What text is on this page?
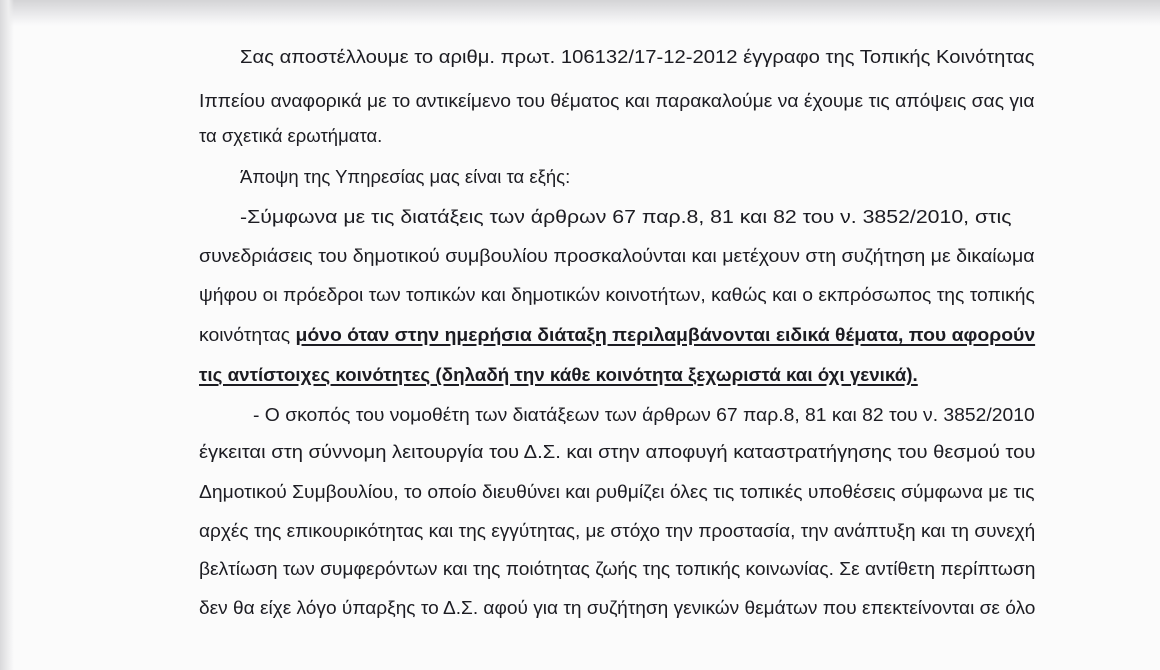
Σας αποστέλλουμε το αριθμ. πρωτ. 106132/17-12-2012 έγγραφο της Τοπικής Κοινότητας
Ιππείου αναφορικά με το αντικείμενο του θέματος και παρακαλούμε να έχουμε τις απόψεις σας για
τα σχετικά ερωτήματα.
Άποψη της Υπηρεσίας μας είναι τα εξής:
-Σύμφωνα με τις διατάξεις των άρθρων 67 παρ.8, 81 και 82 του ν. 3852/2010, στις
συνεδριάσεις του δημοτικού συμβουλίου προσκαλούνται και μετέχουν στη συζήτηση με δικαίωμα
ψήφου οι πρόεδροι των τοπικών και δημοτικών κοινοτήτων, καθώς και ο εκπρόσωπος της τοπικής
κοινότητας μόνο όταν στην ημερήσια διάταξη περιλαμβάνονται ειδικά θέματα, που αφορούν
τις αντίστοιχες κοινότητες (δηλαδή την κάθε κοινότητα ξεχωριστά και όχι γενικά).
- Ο σκοπός του νομοθέτη των διατάξεων των άρθρων 67 παρ.8, 81 και 82 του ν. 3852/2010
έγκειται στη σύννομη λειτουργία του Δ.Σ. και στην αποφυγή καταστρατήγησης του θεσμού του
Δημοτικού Συμβουλίου, το οποίο διευθύνει και ρυθμίζει όλες τις τοπικές υποθέσεις σύμφωνα με τις
αρχές της επικουρικότητας και της εγγύτητας, με στόχο την προστασία, την ανάπτυξη και τη συνεχή
βελτίωση των συμφερόντων και της ποιότητας ζωής της τοπικής κοινωνίας. Σε αντίθετη περίπτωση
δεν θα είχε λόγο ύπαρξης το Δ.Σ. αφού για τη συζήτηση γενικών θεμάτων που επεκτείνονται σε όλο
